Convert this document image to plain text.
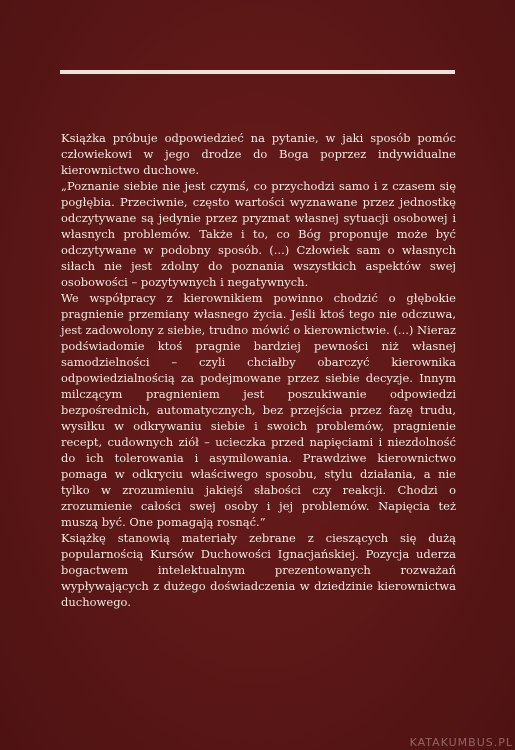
Książka próbuje odpowiedzieć na pytanie, w jaki sposób pomóc człowiekowi w jego drodze do Boga poprzez indywidualne kierownictwo duchowe.

„Poznanie siebie nie jest czymś, co przychodzi samo i z czasem się pogłębia. Przeciwnie, często wartości wyznawane przez jednostkę odczytywane są jedynie przez pryzmat własnej sytuacji osobowej i własnych problemów. Także i to, co Bóg proponuje może być odczytywane w podobny sposób. (...) Człowiek sam o własnych siłach nie jest zdolny do poznania wszystkich aspektów swej osobowości – pozytywnych i negatywnych.

We współpracy z kierownikiem powinno chodzić o głębokie pragnienie przemiany własnego życia. Jeśli ktoś tego nie odczuwa, jest zadowolony z siebie, trudno mówić o kierownictwie. (...) Nieraz podświadomie ktoś pragnie bardziej pewności niż własnej samodzielności – czyli chciałby obarczyć kierownika odpowiedzialnością za podejmowane przez siebie decyzje. Innym milczącym pragnieniem jest poszukiwanie odpowiedzi bezpośrednich, automatycznych, bez przejścia przez fazę trudu, wysiłku w odkrywaniu siebie i swoich problemów, pragnienie recept, cudownych ziół – ucieczka przed napięciami i niezdolność do ich tolerowania i asymilowania. Prawdziwe kierownictwo pomaga w odkryciu właściwego sposobu, stylu działania, a nie tylko w zrozumieniu jakiejś słabości czy reakcji. Chodzi o zrozumienie całości swej osoby i jej problemów. Napięcia też muszą być. One pomagają rosnąć.”

Książkę stanowią materiały zebrane z cieszących się dużą popularnością Kursów Duchowości Ignacjańskiej. Pozycja uderza bogactwem intelektualnym prezentowanych rozważań wypływających z dużego doświadczenia w dziedzinie kierownictwa duchowego.

KATAKUMBUS.PL
